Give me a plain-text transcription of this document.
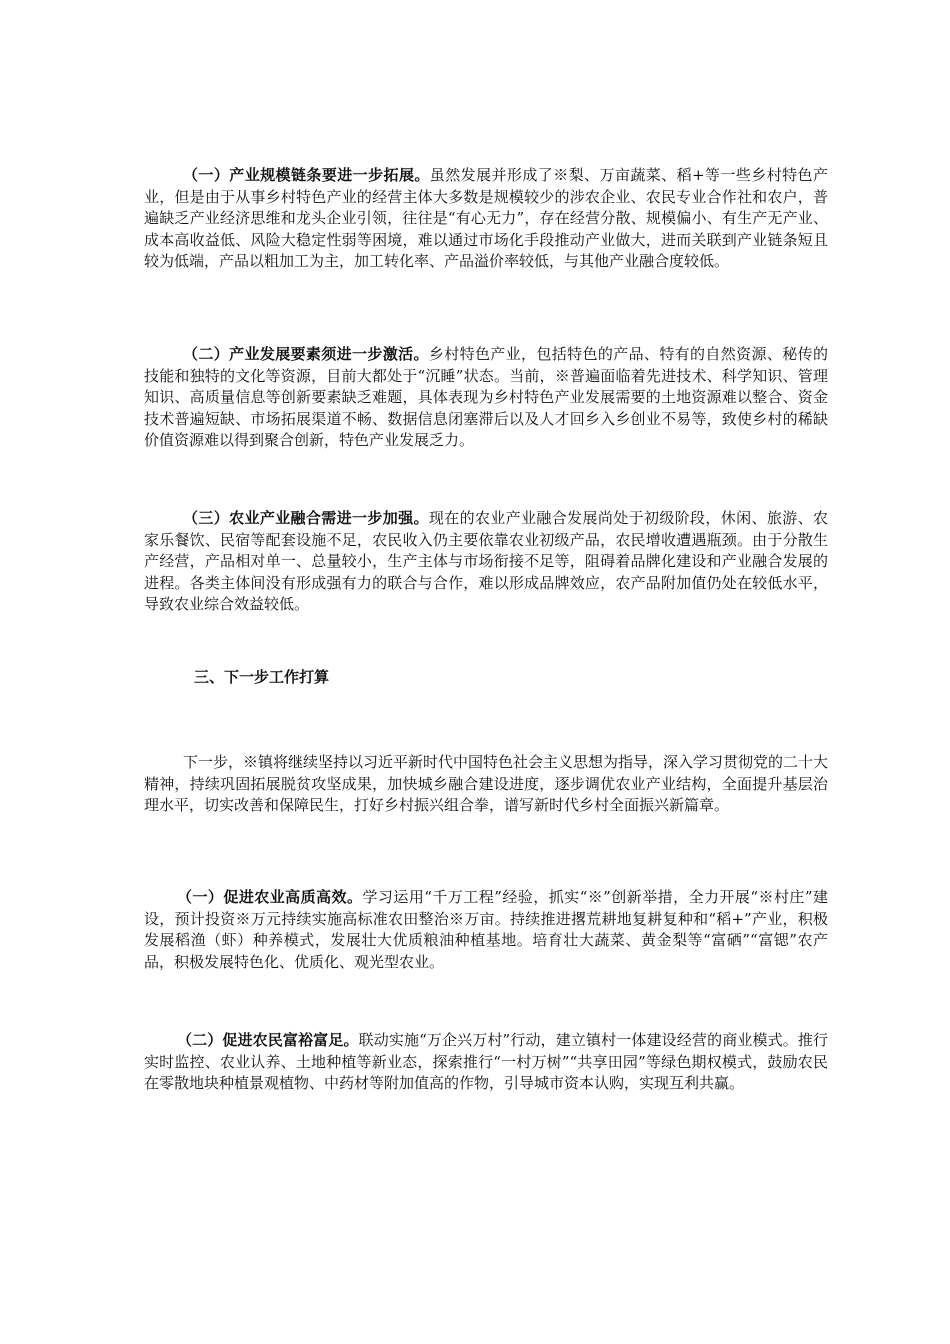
（一）产业规模链条要进一步拓展。虽然发展并形成了※梨、万亩蔬菜、稻+等一些乡村特色产业，但是由于从事乡村特色产业的经营主体大多数是规模较少的涉农企业、农民专业合作社和农户，普遍缺乏产业经济思维和龙头企业引领，往往是“有心无力”，存在经营分散、规模偏小、有生产无产业、成本高收益低、风险大稳定性弱等困境，难以通过市场化手段推动产业做大，进而关联到产业链条短且较为低端，产品以粗加工为主，加工转化率、产品溢价率较低，与其他产业融合度较低。

（二）产业发展要素须进一步激活。乡村特色产业，包括特色的产品、特有的自然资源、秘传的技能和独特的文化等资源，目前大都处于“沉睡”状态。当前，※普遍面临着先进技术、科学知识、管理知识、高质量信息等创新要素缺乏难题，具体表现为乡村特色产业发展需要的土地资源难以整合、资金技术普遍短缺、市场拓展渠道不畅、数据信息闭塞滞后以及人才回乡入乡创业不易等，致使乡村的稀缺价值资源难以得到聚合创新，特色产业发展乏力。

（三）农业产业融合需进一步加强。现在的农业产业融合发展尚处于初级阶段，休闲、旅游、农家乐餐饮、民宿等配套设施不足，农民收入仍主要依靠农业初级产品，农民增收遭遇瓶颈。由于分散生产经营，产品相对单一、总量较小，生产主体与市场衔接不足等，阻碍着品牌化建设和产业融合发展的进程。各类主体间没有形成强有力的联合与合作，难以形成品牌效应，农产品附加值仍处在较低水平，导致农业综合效益较低。

三、下一步工作打算

下一步，※镇将继续坚持以习近平新时代中国特色社会主义思想为指导，深入学习贯彻党的二十大精神，持续巩固拓展脱贫攻坚成果，加快城乡融合建设进度，逐步调优农业产业结构，全面提升基层治理水平，切实改善和保障民生，打好乡村振兴组合拳，谱写新时代乡村全面振兴新篇章。

（一）促进农业高质高效。学习运用“千万工程”经验，抓实“※”创新举措，全力开展“※村庄”建设，预计投资※万元持续实施高标准农田整治※万亩。持续推进撂荒耕地复耕复种和“稻+”产业，积极发展稻渔（虾）种养模式，发展壮大优质粮油种植基地。培育壮大蔬菜、黄金梨等“富硒”“富锶”农产品，积极发展特色化、优质化、观光型农业。

（二）促进农民富裕富足。联动实施“万企兴万村”行动，建立镇村一体建设经营的商业模式。推行实时监控、农业认养、土地种植等新业态，探索推行“一村万树”“共享田园”等绿色期权模式，鼓励农民在零散地块种植景观植物、中药材等附加值高的作物，引导城市资本认购，实现互利共赢。
